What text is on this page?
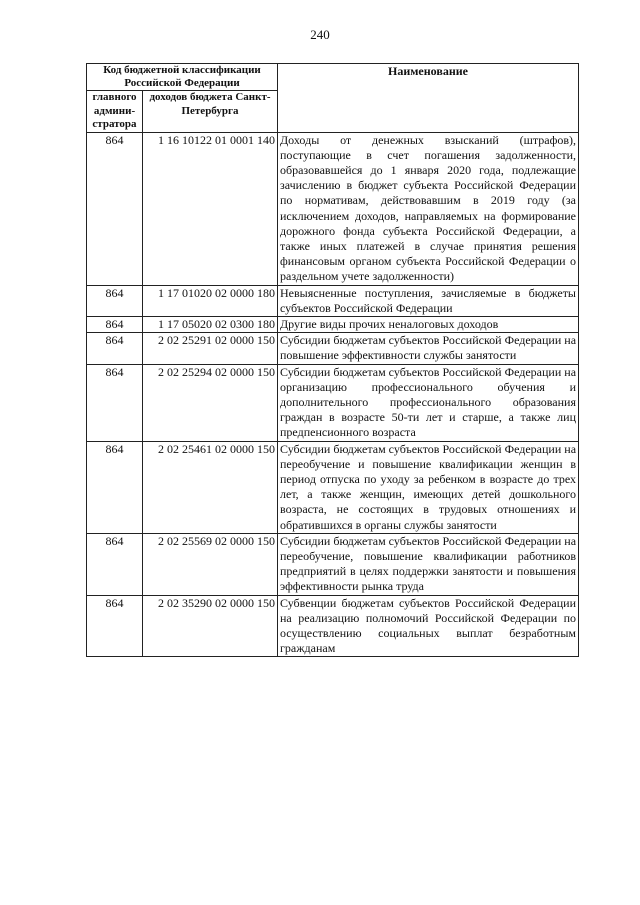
240
Код бюджетной классификации Российской Федерации		Наименование
главного админи-стратора	доходов бюджета Санкт-Петербурга	
864	1 16 10122 01 0001 140	Доходы от денежных взысканий (штрафов), поступающие в счет погашения задолженности, образовавшейся до 1 января 2020 года, подлежащие зачислению в бюджет субъекта Российской Федерации по нормативам, действовавшим в 2019 году (за исключением доходов, направляемых на формирование дорожного фонда субъекта Российской Федерации, а также иных платежей в случае принятия решения финансовым органом субъекта Российской Федерации о раздельном учете задолженности)
864	1 17 01020 02 0000 180	Невыясненные поступления, зачисляемые в бюджеты субъектов Российской Федерации
864	1 17 05020 02 0300 180	Другие виды прочих неналоговых доходов
864	2 02 25291 02 0000 150	Субсидии бюджетам субъектов Российской Федерации на повышение эффективности службы занятости
864	2 02 25294 02 0000 150	Субсидии бюджетам субъектов Российской Федерации на организацию профессионального обучения и дополнительного профессионального образования граждан в возрасте 50-ти лет и старше, а также лиц предпенсионного возраста
864	2 02 25461 02 0000 150	Субсидии бюджетам субъектов Российской Федерации на переобучение и повышение квалификации женщин в период отпуска по уходу за ребенком в возрасте до трех лет, а также женщин, имеющих детей дошкольного возраста, не состоящих в трудовых отношениях и обратившихся в органы службы занятости
864	2 02 25569 02 0000 150	Субсидии бюджетам субъектов Российской Федерации на переобучение, повышение квалификации работников предприятий в целях поддержки занятости и повышения эффективности рынка труда
864	2 02 35290 02 0000 150	Субвенции бюджетам субъектов Российской Федерации на реализацию полномочий Российской Федерации по осуществлению социальных выплат безработным гражданам
